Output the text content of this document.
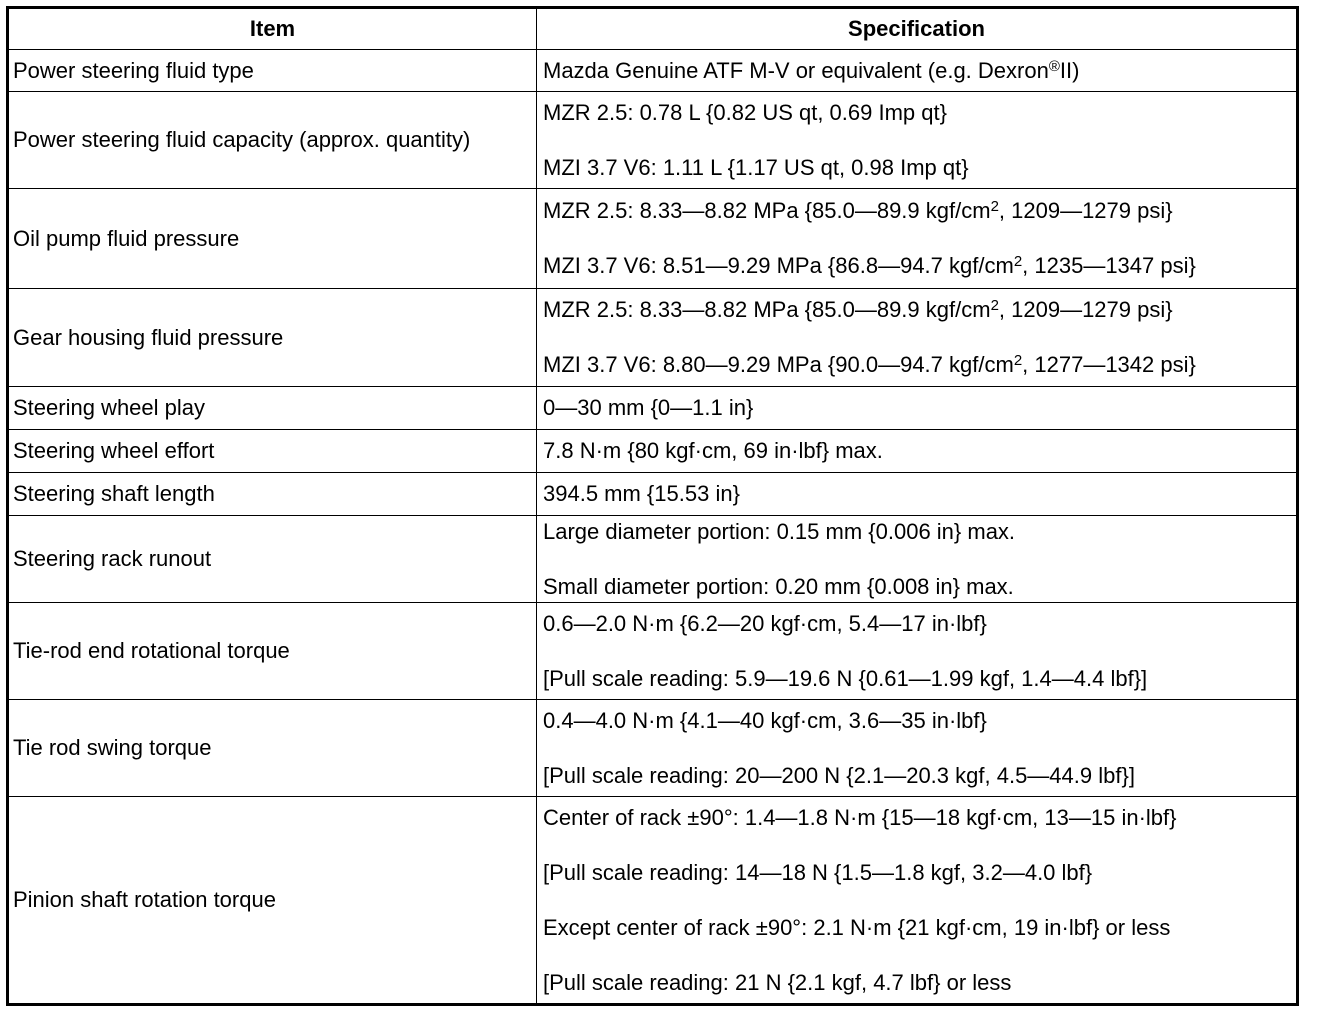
Item	Specification
Power steering fluid type	Mazda Genuine ATF M-V or equivalent (e.g. Dexron®II)

Power steering fluid capacity (approx. quantity)	MZR 2.5: 0.78 L {0.82 US qt, 0.69 Imp qt}
MZI 3.7 V6: 1.11 L {1.17 US qt, 0.98 Imp qt}

Oil pump fluid pressure	MZR 2.5: 8.33—8.82 MPa {85.0—89.9 kgf/$cm^2$, 1209—1279 psi}
MZI 3.7 V6: 8.51—9.29 MPa {86.8—94.7 kgf/$cm^2$, 1235—1347 psi}

Gear housing fluid pressure	MZR 2.5: 8.33—8.82 MPa {85.0—89.9 kgf/$cm^2$, 1209—1279 psi}
MZI 3.7 V6: 8.80—9.29 MPa {90.0—94.7 kgf/$cm^2$, 1277—1342 psi}

Steering wheel play	0—30 mm {0—1.1 in}

Steering wheel effort	7.8 N·m {80 kgf·cm, 69 in·lbf} max.

Steering shaft length	394.5 mm {15.53 in}

Steering rack runout	Large diameter portion: 0.15 mm {0.006 in} max.
Small diameter portion: 0.20 mm {0.008 in} max.

Tie-rod end rotational torque	0.6—2.0 N·m {6.2—20 kgf·cm, 5.4—17 in·lbf}
[Pull scale reading: 5.9—19.6 N {0.61—1.99 kgf, 1.4—4.4 lbf}]

Tie rod swing torque	0.4—4.0 N·m {4.1—40 kgf·cm, 3.6—35 in·lbf}
[Pull scale reading: 20—200 N {2.1—20.3 kgf, 4.5—44.9 lbf}]

Pinion shaft rotation torque	Center of rack ±90°: 1.4—1.8 N·m {15—18 kgf·cm, 13—15 in·lbf}
[Pull scale reading: 14—18 N {1.5—1.8 kgf, 3.2—4.0 lbf}
Except center of rack ±90°: 2.1 N·m {21 kgf·cm, 19 in·lbf} or less
[Pull scale reading: 21 N {2.1 kgf, 4.7 lbf} or less
